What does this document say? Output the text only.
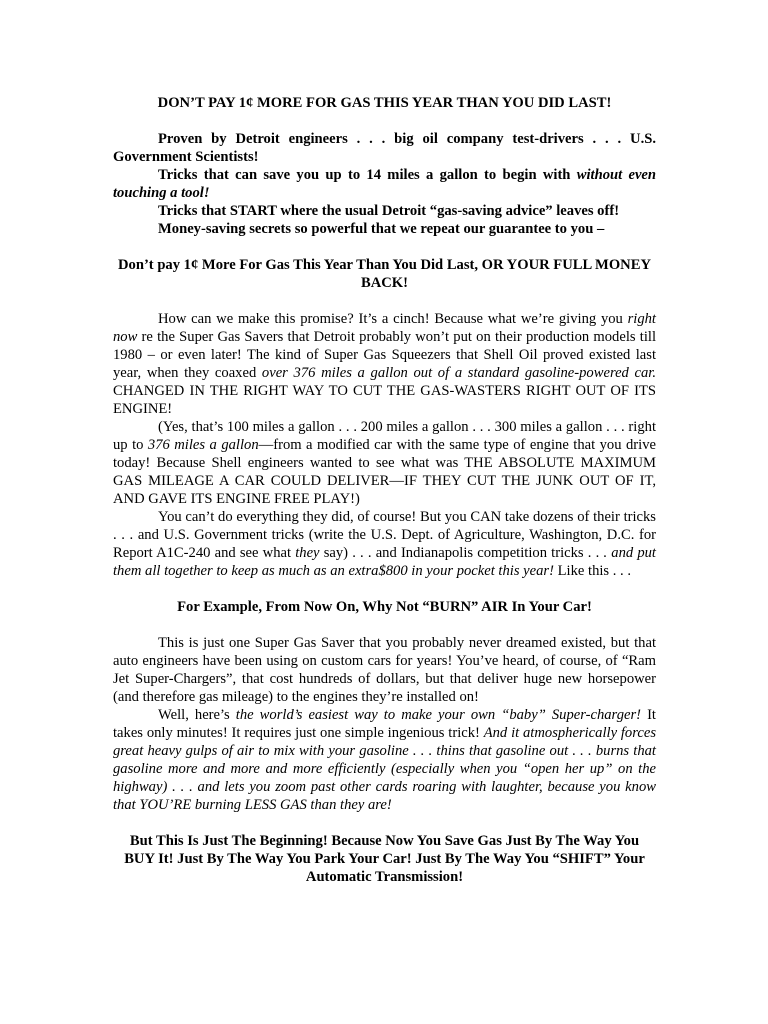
DON’T PAY 1¢ MORE FOR GAS THIS YEAR THAN YOU DID LAST!

Proven by Detroit engineers . . . big oil company test-drivers . . . U.S. Government Scientists!

Tricks that can save you up to 14 miles a gallon to begin with without even touching a tool!

Tricks that START where the usual Detroit “gas-saving advice” leaves off!

Money-saving secrets so powerful that we repeat our guarantee to you –

Don’t pay 1¢ More For Gas This Year Than You Did Last, OR YOUR FULL MONEY BACK!

How can we make this promise? It’s a cinch! Because what we’re giving you right now re the Super Gas Savers that Detroit probably won’t put on their production models till 1980 – or even later! The kind of Super Gas Squeezers that Shell Oil proved existed last year, when they coaxed over 376 miles a gallon out of a standard gasoline-powered car. CHANGED IN THE RIGHT WAY TO CUT THE GAS-WASTERS RIGHT OUT OF ITS ENGINE!

(Yes, that’s 100 miles a gallon . . . 200 miles a gallon . . . 300 miles a gallon . . . right up to 376 miles a gallon—from a modified car with the same type of engine that you drive today! Because Shell engineers wanted to see what was THE ABSOLUTE MAXIMUM GAS MILEAGE A CAR COULD DELIVER—IF THEY CUT THE JUNK OUT OF IT, AND GAVE ITS ENGINE FREE PLAY!)

You can’t do everything they did, of course! But you CAN take dozens of their tricks . . . and U.S. Government tricks (write the U.S. Dept. of Agriculture, Washington, D.C. for Report A1C-240 and see what they say) . . . and Indianapolis competition tricks . . . and put them all together to keep as much as an extra$800 in your pocket this year! Like this . . .

For Example, From Now On, Why Not “BURN” AIR In Your Car!

This is just one Super Gas Saver that you probably never dreamed existed, but that auto engineers have been using on custom cars for years! You’ve heard, of course, of “Ram Jet Super-Chargers”, that cost hundreds of dollars, but that deliver huge new horsepower (and therefore gas mileage) to the engines they’re installed on!

Well, here’s the world’s easiest way to make your own “baby” Super-charger! It takes only minutes! It requires just one simple ingenious trick! And it atmospherically forces great heavy gulps of air to mix with your gasoline . . . thins that gasoline out . . . burns that gasoline more and more and more efficiently (especially when you “open her up” on the highway) . . . and lets you zoom past other cards roaring with laughter, because you know that YOU’RE burning LESS GAS than they are!

But This Is Just The Beginning! Because Now You Save Gas Just By The Way You BUY It! Just By The Way You Park Your Car! Just By The Way You “SHIFT” Your Automatic Transmission!
